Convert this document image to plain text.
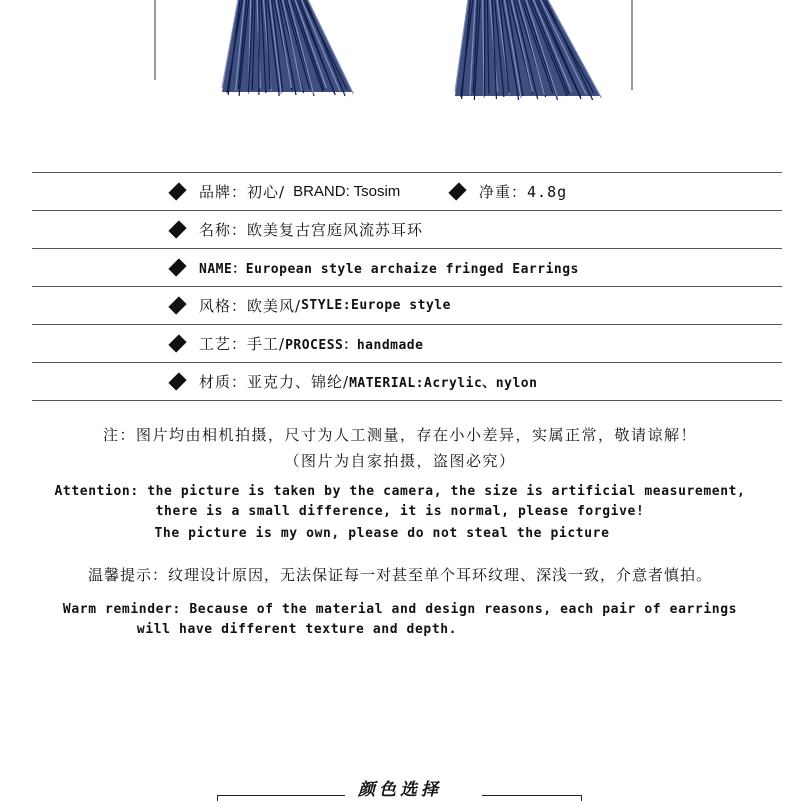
品牌：初心/ BRAND: Tsosim	净重： 4.8g
名称：欧美复古宫庭风流苏耳环
NAME：European style archaize fringed Earrings
风格：欧美风/ STYLE:Europe style
工艺：手工/ PROCESS：handmade
材质：亚克力、锦纶/ MATERIAL:Acrylic、nylon
注：图片均由相机拍摄，尺寸为人工测量，存在小小差异，实属正常，敬请谅解！
（图片为自家拍摄，盗图必究）
Attention: the picture is taken by the camera, the size is artificial measurement,
there is a small difference, it is normal, please forgive!
The picture is my own, please do not steal the picture
温馨提示：纹理设计原因，无法保证每一对甚至单个耳环纹理、深浅一致，介意者慎拍。
Warm reminder: Because of the material and design reasons, each pair of earrings
will have different texture and depth.
颜色选择
